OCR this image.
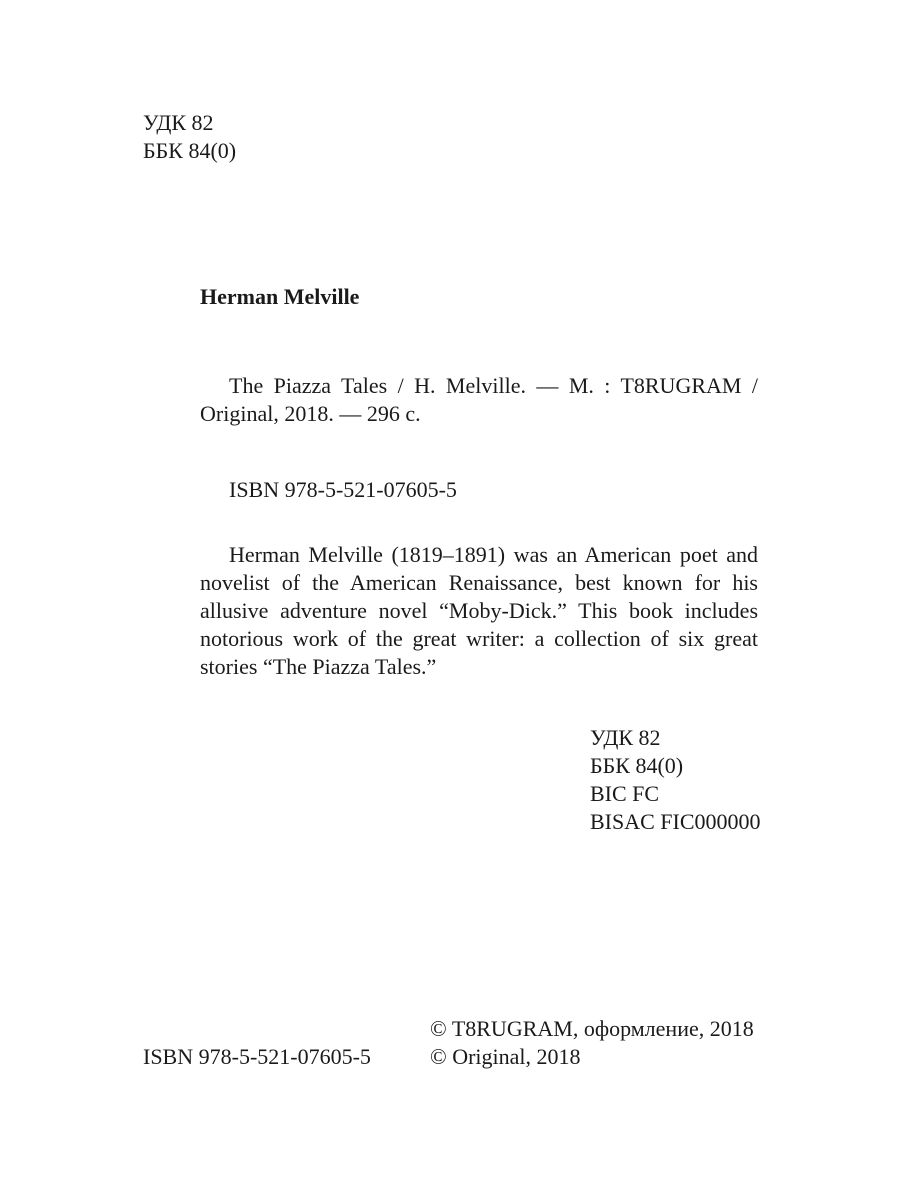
УДК 82
ББК 84(0)
Herman Melville
The Piazza Tales / H. Melville. — M. : T8RUGRAM / Original, 2018. — 296 c.
ISBN 978-5-521-07605-5
Herman Melville (1819–1891) was an American poet and novelist of the American Renaissance, best known for his allusive adventure novel “Moby-Dick.” This book includes notorious work of the great writer: a collection of six great stories “The Piazza Tales.”
УДК 82
ББК 84(0)
BIC FC
BISAC FIC000000
© T8RUGRAM, оформление, 2018
© Original, 2018
ISBN 978-5-521-07605-5
